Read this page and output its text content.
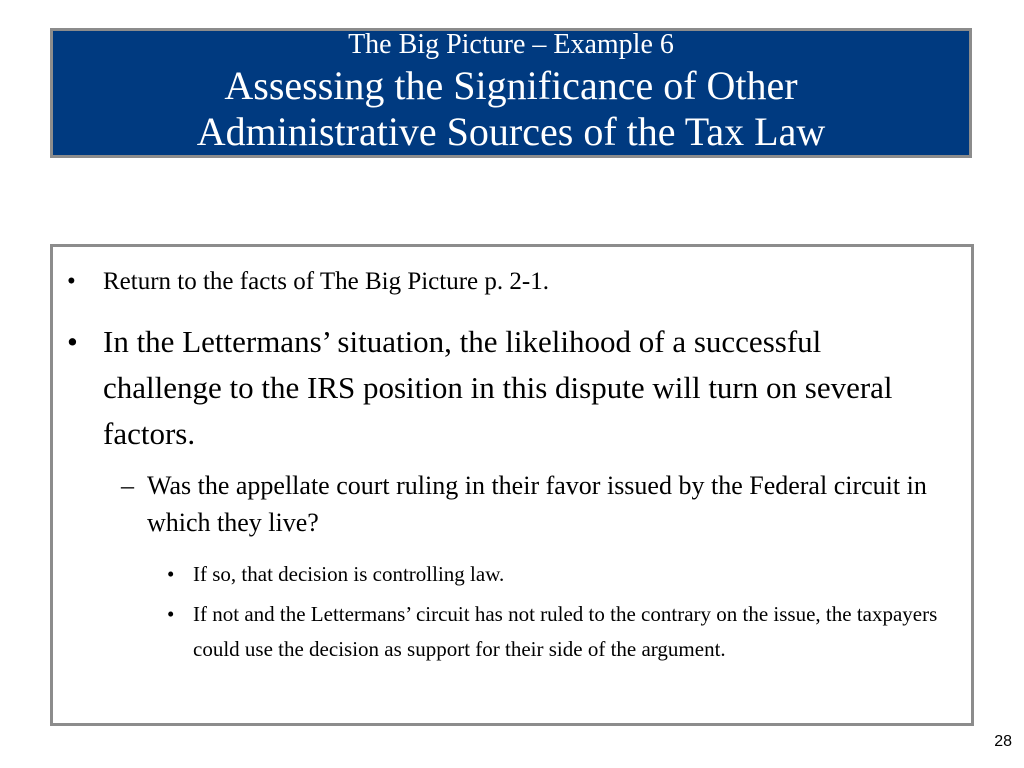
The Big Picture – Example 6
Assessing the Significance of Other
Administrative Sources of the Tax Law
•	Return to the facts of The Big Picture p. 2-1.
• In the Lettermans’ situation, the likelihood of a successful challenge to the IRS position in this dispute will turn on several factors.
– Was the appellate court ruling in their favor issued by the Federal circuit in which they live?
• If so, that decision is controlling law.
• If not and the Lettermans’ circuit has not ruled to the contrary on the issue, the taxpayers could use the decision as support for their side of the argument.
28
